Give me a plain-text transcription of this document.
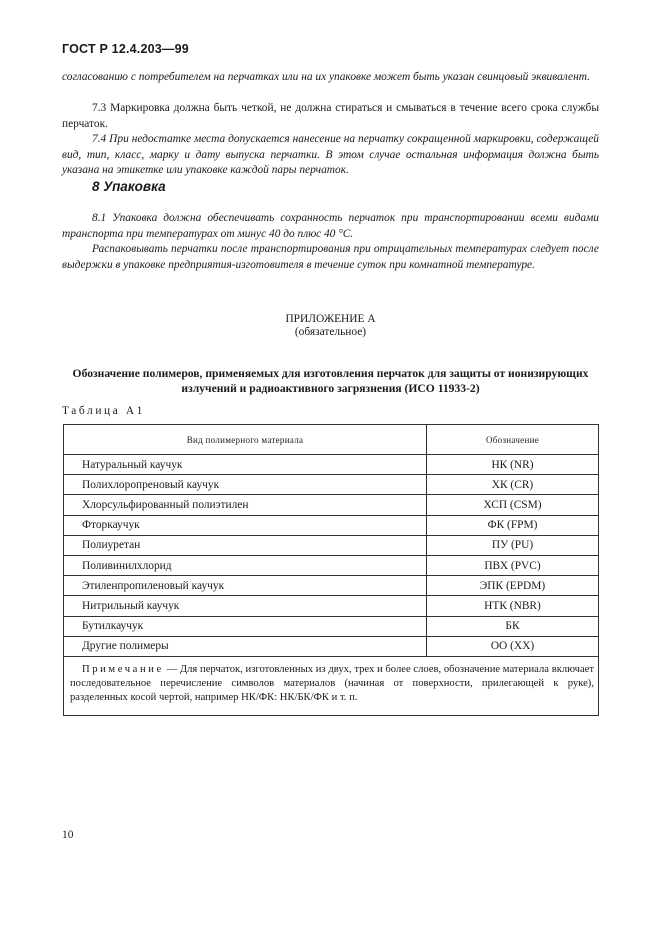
ГОСТ Р 12.4.203—99
согласованию с потребителем на перчатках или на их упаковке может быть указан свинцовый эквивалент.
7.3 Маркировка должна быть четкой, не должна стираться и смываться в течение всего срока службы перчаток.
7.4 При недостатке места допускается нанесение на перчатку сокращенной маркировки, содержащей вид, тип, класс, марку и дату выпуска перчатки. В этом случае остальная информация должна быть указана на этикетке или упаковке каждой пары перчаток.
8 Упаковка
8.1 Упаковка должна обеспечивать сохранность перчаток при транспортировании всеми видами транспорта при температурах от минус 40 до плюс 40 °С.
Распаковывать перчатки после транспортирования при отрицательных температурах следует после выдержки в упаковке предприятия-изготовителя в течение суток при комнатной температуре.
ПРИЛОЖЕНИЕ А
(обязательное)
Обозначение полимеров, применяемых для изготовления перчаток для защиты от ионизирующих излучений и радиоактивного загрязнения (ИСО 11933-2)
Таблица А1
Вид полимерного материала	Обозначение
Натуральный каучук	НК (NR)
Полихлоропреновый каучук	ХК (CR)
Хлорсульфированный полиэтилен	ХСП (CSM)
Фторкаучук	ФК (FPM)
Полиуретан	ПУ (PU)
Поливинилхлорид	ПВХ (PVC)
Этиленпропиленовый каучук	ЭПК (EPDM)
Нитрильный каучук	НТК (NBR)
Бутилкаучук	БК
Другие полимеры	ОО (XX)
Примечание — Для перчаток, изготовленных из двух, трех и более слоев, обозначение материала включает последовательное перечисление символов материалов (начиная от поверхности, прилегающей к руке), разделенных косой чертой, например НК/ФК: НК/БК/ФК и т. п.	
10
